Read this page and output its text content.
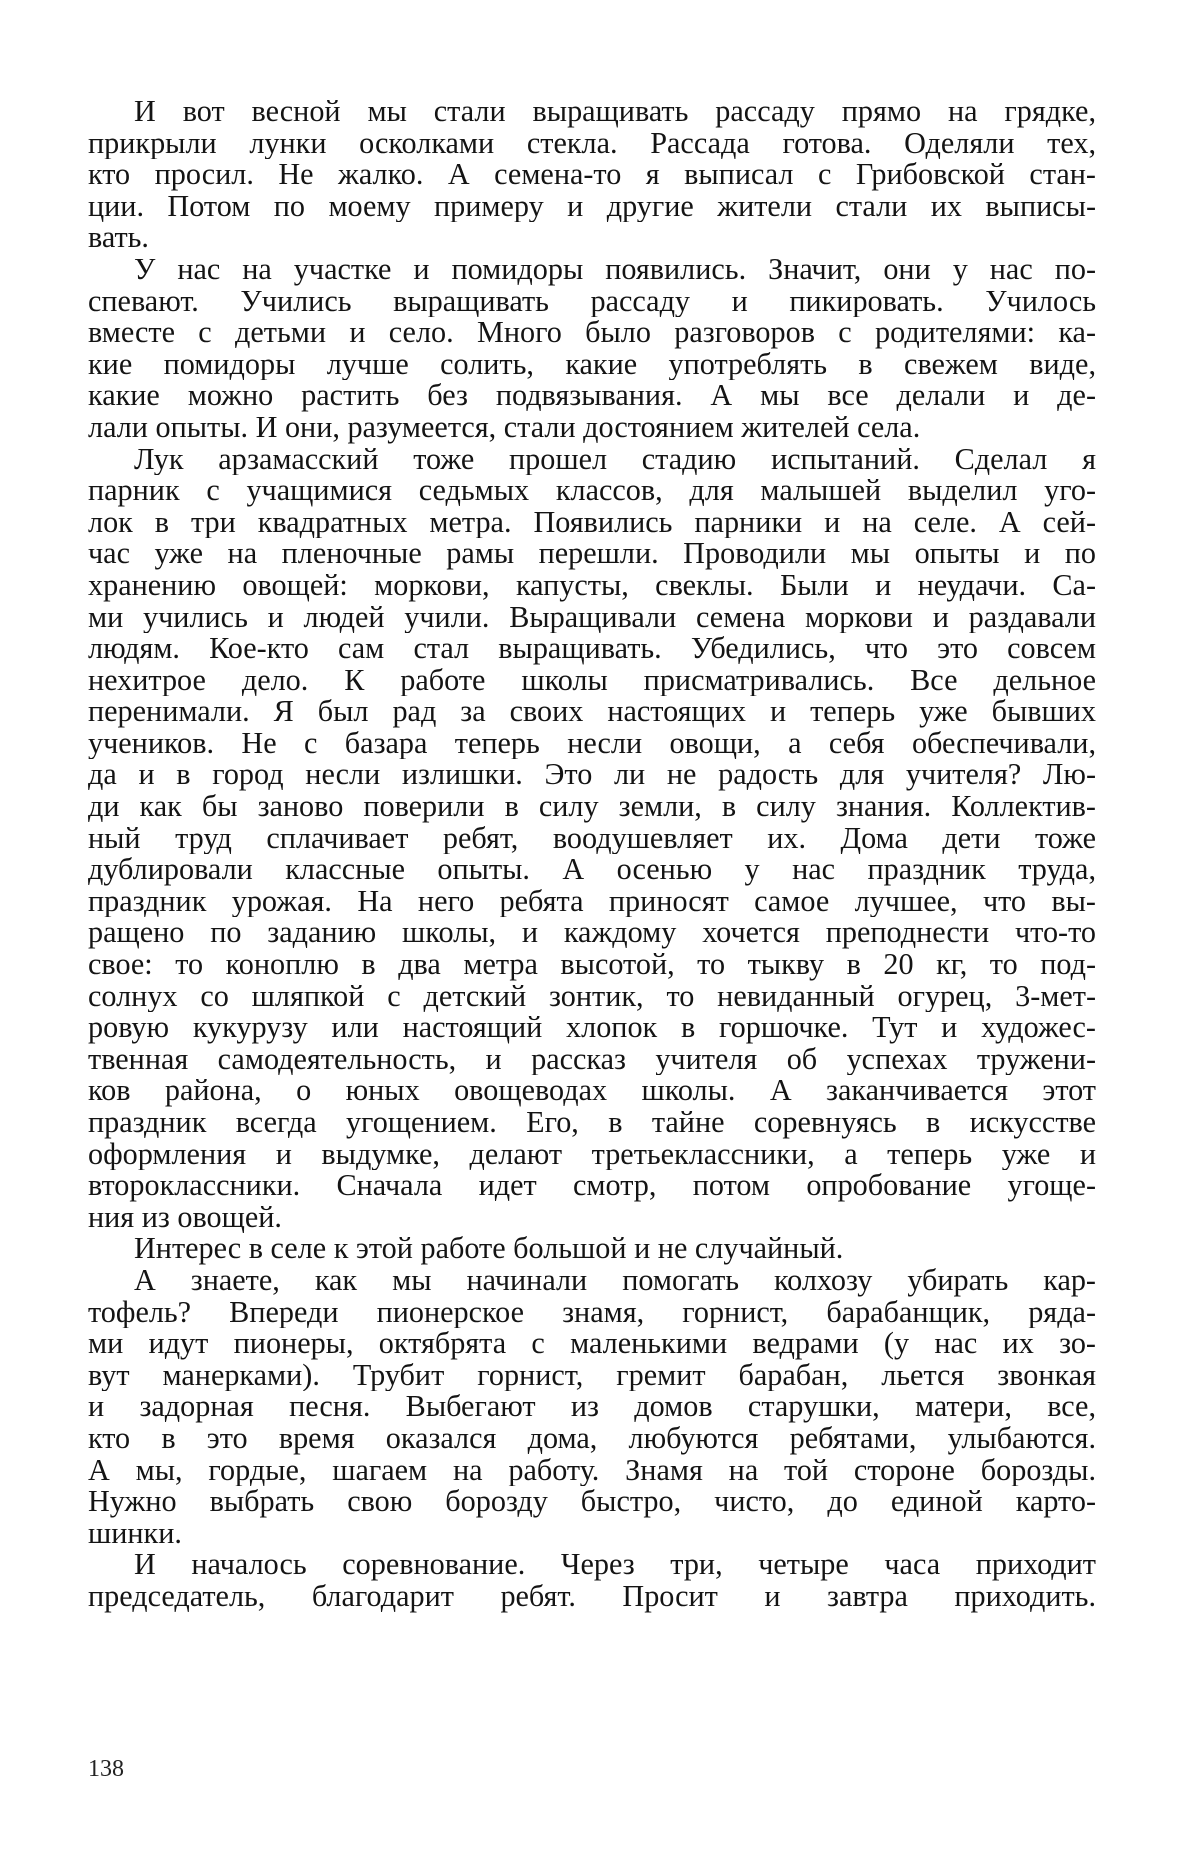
И вот весной мы стали выращивать рассаду прямо на грядке,
прикрыли лунки осколками стекла. Рассада готова. Оделяли тех,
кто просил. Не жалко. А семена-то я выписал с Грибовской стан-
ции. Потом по моему примеру и другие жители стали их выписы-
вать.

У нас на участке и помидоры появились. Значит, они у нас по-
спевают. Учились выращивать рассаду и пикировать. Училось
вместе с детьми и село. Много было разговоров с родителями: ка-
кие помидоры лучше солить, какие употреблять в свежем виде,
какие можно растить без подвязывания. А мы все делали и де-
лали опыты. И они, разумеется, стали достоянием жителей села.

Лук арзамасский тоже прошел стадию испытаний. Сделал я
парник с учащимися седьмых классов, для малышей выделил уго-
лок в три квадратных метра. Появились парники и на селе. А сей-
час уже на пленочные рамы перешли. Проводили мы опыты и по
хранению овощей: моркови, капусты, свеклы. Были и неудачи. Са-
ми учились и людей учили. Выращивали семена моркови и раздавали
людям. Кое-кто сам стал выращивать. Убедились, что это совсем
нехитрое дело. К работе школы присматривались. Все дельное
перенимали. Я был рад за своих настоящих и теперь уже бывших
учеников. Не с базара теперь несли овощи, а себя обеспечивали,
да и в город несли излишки. Это ли не радость для учителя? Лю-
ди как бы заново поверили в силу земли, в силу знания. Коллектив-
ный труд сплачивает ребят, воодушевляет их. Дома дети тоже
дублировали классные опыты. А осенью у нас праздник труда,
праздник урожая. На него ребята приносят самое лучшее, что вы-
ращено по заданию школы, и каждому хочется преподнести что-то
свое: то коноплю в два метра высотой, то тыкву в 20 кг, то под-
солнух со шляпкой с детский зонтик, то невиданный огурец, 3-мет-
ровую кукурузу или настоящий хлопок в горшочке. Тут и художес-
твенная самодеятельность, и рассказ учителя об успехах тружени-
ков района, о юных овощеводах школы. А заканчивается этот
праздник всегда угощением. Его, в тайне соревнуясь в искусстве
оформления и выдумке, делают третьеклассники, а теперь уже и
второклассники. Сначала идет смотр, потом опробование угоще-
ния из овощей.

Интерес в селе к этой работе большой и не случайный.

А знаете, как мы начинали помогать колхозу убирать кар-
тофель? Впереди пионерское знамя, горнист, барабанщик, ряда-
ми идут пионеры, октябрята с маленькими ведрами (у нас их зо-
вут манерками). Трубит горнист, гремит барабан, льется звонкая
и задорная песня. Выбегают из домов старушки, матери, все,
кто в это время оказался дома, любуются ребятами, улыбаются.
А мы, гордые, шагаем на работу. Знамя на той стороне борозды.
Нужно выбрать свою борозду быстро, чисто, до единой карто-
шинки.

И началось соревнование. Через три, четыре часа приходит
председатель, благодарит ребят. Просит и завтра приходить.

138
